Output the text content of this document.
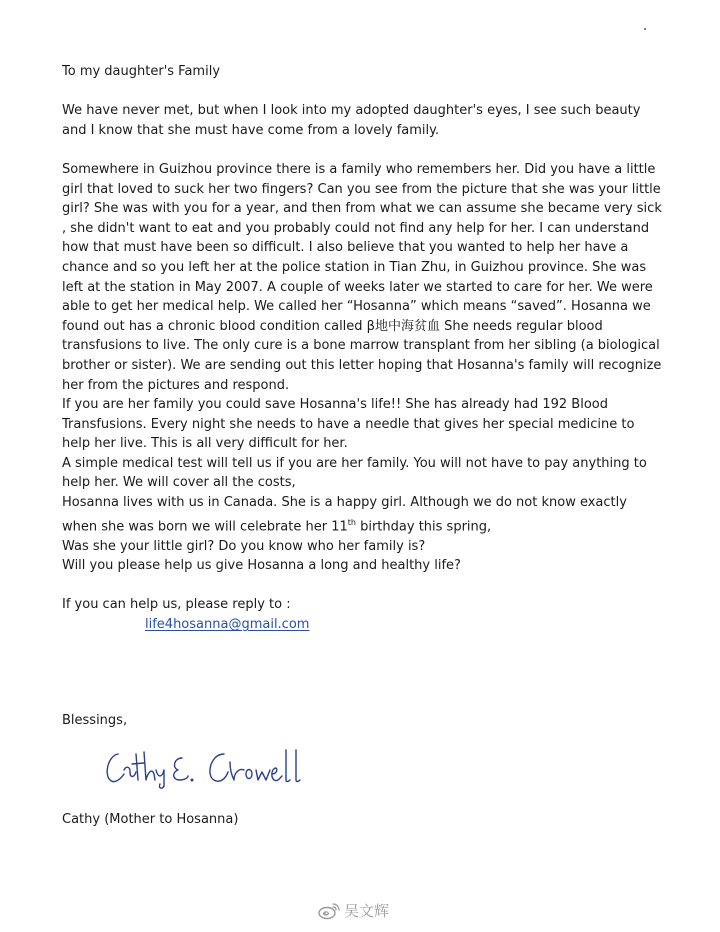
To my daughter's Family

We have never met, but when I look into my adopted daughter's eyes, I see such beauty and I know that she must have come from a lovely family.

Somewhere in Guizhou province there is a family who remembers her. Did you have a little girl that loved to suck her two fingers? Can you see from the picture that she was your little girl? She was with you for a year, and then from what we can assume she became very sick , she didn't want to eat and you probably could not find any help for her. I can understand how that must have been so difficult. I also believe that you wanted to help her have a chance and so you left her at the police station in Tian Zhu, in Guizhou province. She was left at the station in May 2007. A couple of weeks later we started to care for her. We were able to get her medical help. We called her “Hosanna” which means “saved”. Hosanna we found out has a chronic blood condition called β地中海贫血 She needs regular blood transfusions to live. The only cure is a bone marrow transplant from her sibling (a biological brother or sister). We are sending out this letter hoping that Hosanna's family will recognize her from the pictures and respond.

If you are her family you could save Hosanna's life!! She has already had 192 Blood Transfusions. Every night she needs to have a needle that gives her special medicine to help her live. This is all very difficult for her.

A simple medical test will tell us if you are her family. You will not have to pay anything to help her. We will cover all the costs,

Hosanna lives with us in Canada. She is a happy girl. Although we do not know exactly when she was born we will celebrate her 11th birthday this spring,

Was she your little girl? Do you know who her family is?

Will you please help us give Hosanna a long and healthy life?

If you can help us, please reply to :

life4hosanna@gmail.com

Blessings,
Cathy (Mother to Hosanna)
吴文辉
